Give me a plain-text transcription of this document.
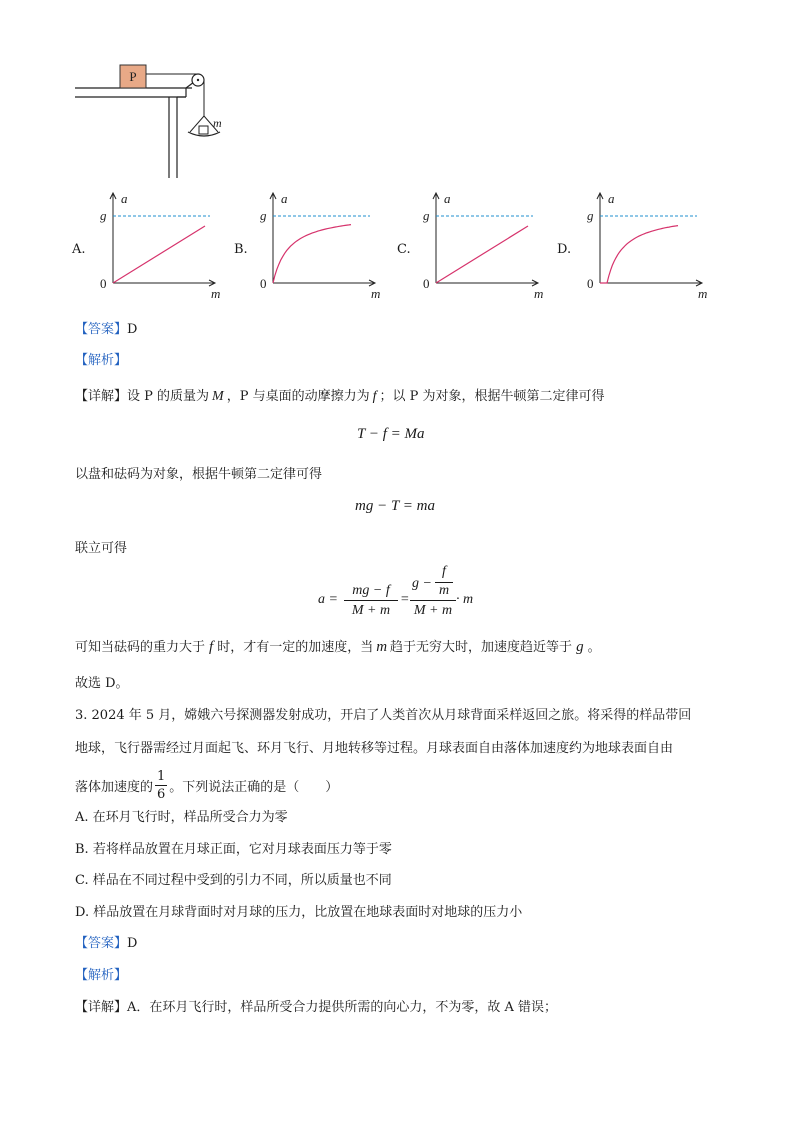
P
m
A.	B.	C.	D.
a
m
g
0
a
m
g
0
a
m
g
0
a
m
g
0
【答案】D
【解析】
【详解】设 P 的质量为 M ，P 与桌面的动摩擦力为 f ；以 P 为对象，根据牛顿第二定律可得
T − f = Ma
以盘和砝码为对象，根据牛顿第二定律可得
mg − T = ma
联立可得
a =
mg − f
M + m
=
g −
f
m
M + m
· m
可知当砝码的重力大于 f 时，才有一定的加速度，当 m 趋于无穷大时，加速度趋近等于 g 。
故选 D。
3. 2024 年 5 月，嫦娥六号探测器发射成功，开启了人类首次从月球背面采样返回之旅。将采得的样品带回
地球，飞行器需经过月面起飞、环月飞行、月地转移等过程。月球表面自由落体加速度约为地球表面自由
落体加速度的 $\frac{1}{6}$ 。下列说法正确的是（　　）
A. 在环月飞行时，样品所受合力为零
B. 若将样品放置在月球正面，它对月球表面压力等于零
C. 样品在不同过程中受到的引力不同，所以质量也不同
D. 样品放置在月球背面时对月球的压力，比放置在地球表面时对地球的压力小
【答案】D
【解析】
【详解】A．在环月飞行时，样品所受合力提供所需的向心力，不为零，故 A 错误；
